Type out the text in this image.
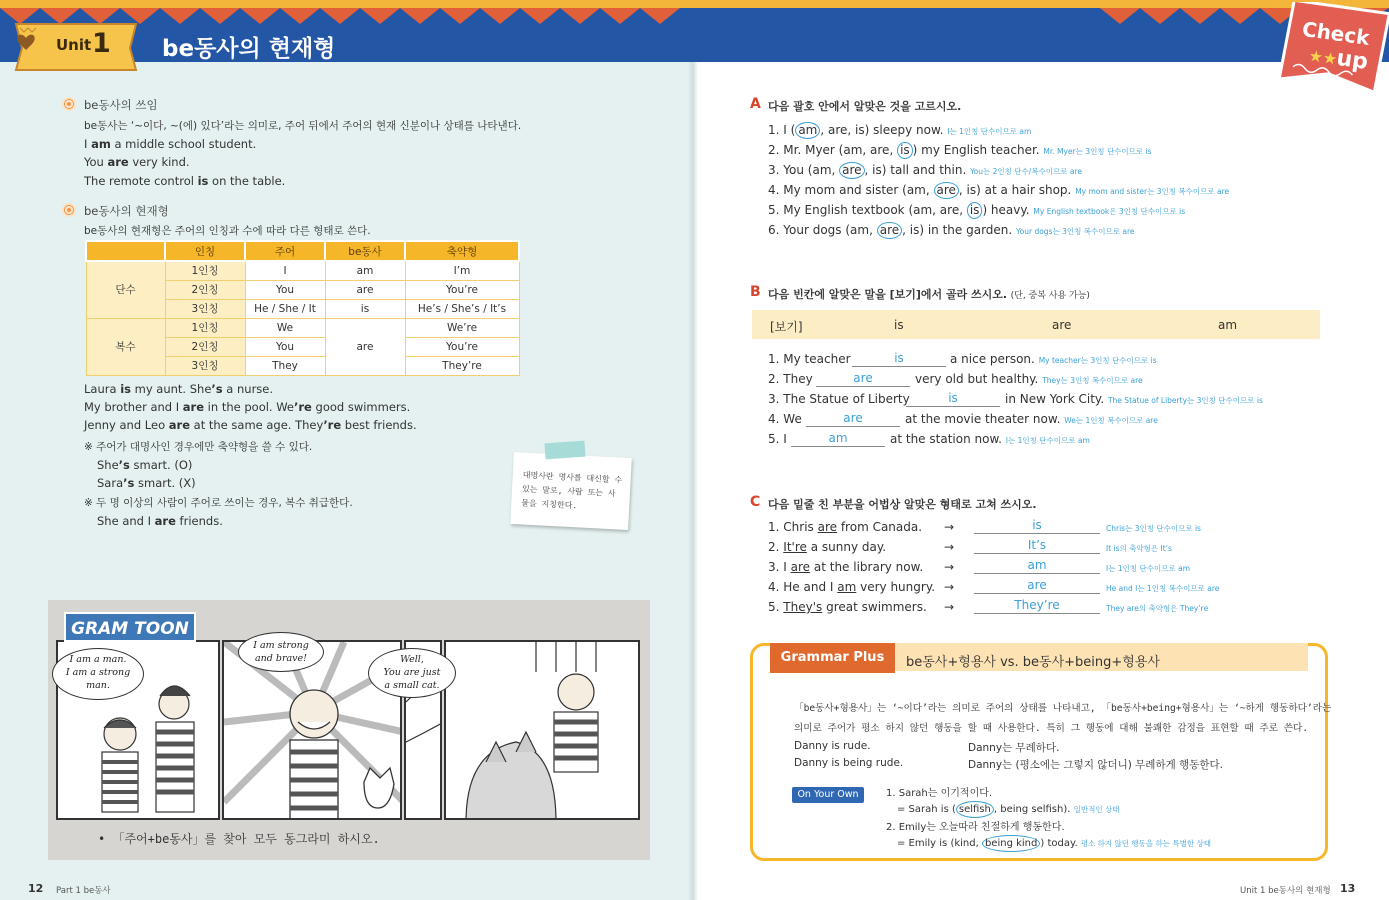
Unit 1 be동사의 현재형	Check
up
★★
be동사의 쓰임
be동사는 ‘~이다, ~(에) 있다’라는 의미로, 주어 뒤에서 주어의 현재 신분이나 상태를 나타낸다.
I am a middle school student.
You are very kind.
The remote control is on the table.
be동사의 현재형
be동사의 현재형은 주어의 인칭과 수에 따라 다른 형태로 쓴다.
	인칭	주어	be동사	축약형
단수	1인칭	I	am	I’m
	2인칭	You	are	You’re
	3인칭	He / She / It	is	He’s / She’s / It’s
복수	1인칭	We	are	We’re
	2인칭	You		You’re
	3인칭	They		They’re
Laura is my aunt. She’s a nurse.
My brother and I are in the pool. We’re good swimmers.
Jenny and Leo are at the same age. They’re best friends.
※ 주어가 대명사인 경우에만 축약형을 쓸 수 있다.
She’s smart. (O)
Sara’s smart. (X)
※ 두 명 이상의 사람이 주어로 쓰이는 경우, 복수 취급한다.
She and I are friends.
대명사란 명사를 대신할 수 있는 말로, 사람 또는 사물을 지칭한다.
GRAM TOON
I am a man.
I am a strong
man.
I am strong
and brave!	Well,
You are just
a small cat.
• 「주어+be동사」를 찾아 모두 동그라미 하시오.
12 Part 1 be동사
A 다음 괄호 안에서 알맞은 것을 고르시오.
1. I ( am , are, is) sleepy now. I는 1인칭 단수이므로 am
2. Mr. Myer (am, are, is ) my English teacher. Mr. Myer는 3인칭 단수이므로 is
3. You (am, are , is) tall and thin. You는 2인칭 단수/복수이므로 are
4. My mom and sister (am, are , is) at a hair shop. My mom and sister는 3인칭 복수이므로 are
5. My English textbook (am, are, is ) heavy. My English textbook은 3인칭 단수이므로 is
6. Your dogs (am, are , is) in the garden. Your dogs는 3인칭 복수이므로 are
B 다음 빈칸에 알맞은 말을 [보기]에서 골라 쓰시오. (단, 중복 사용 가능)
[보기]	is	are	am
1. My teacher	is	a nice person. My teacher는 3인칭 단수이므로 is
2. They	are	very old but healthy. They는 3인칭 복수이므로 are
3. The Statue of Liberty	is	in New York City. The Statue of Liberty는 3인칭 단수이므로 is
4. We	are	at the movie theater now. We는 1인칭 복수이므로 are
5. I	am	at the station now. I는 1인칭 단수이므로 am
C 다음 밑줄 친 부분을 어법상 알맞은 형태로 고쳐 쓰시오.
1. Chris are from Canada. →	is	Chris는 3인칭 단수이므로 is
2. It're a sunny day.	→	It’s	It is의 축약형은 It’s
3. I are at the library now. →	am	I는 1인칭 단수이므로 am
4. He and I am very hungry. →	are	He and I는 1인칭 복수이므로 are
5. They's great swimmers. →	They’re	They are의 축약형은 They’re
Grammar Plus	be동사+형용사 vs. be동사+being+형용사
「be동사+형용사」는 ‘~이다’라는 의미로 주어의 상태를 나타내고, 「be동사+being+형용사」는 ‘~하게 행동하다’라는
의미로 주어가 평소 하지 않던 행동을 할 때 사용한다. 특히 그 행동에 대해 불쾌한 감정을 표현할 때 주로 쓴다.
Danny is rude.	Danny는 무례하다.
Danny is being rude.	Danny는 (평소에는 그렇지 않더니) 무례하게 행동한다.
On Your Own	1. Sarah는 이기적이다.
= Sarah is ( selfish , being selfish). 일반적인 상태
2. Emily는 오늘따라 친절하게 행동한다.
= Emily is (kind, being kind ) today. 평소 하지 않던 행동을 하는 특별한 상태
Unit 1 be동사의 현재형 13
